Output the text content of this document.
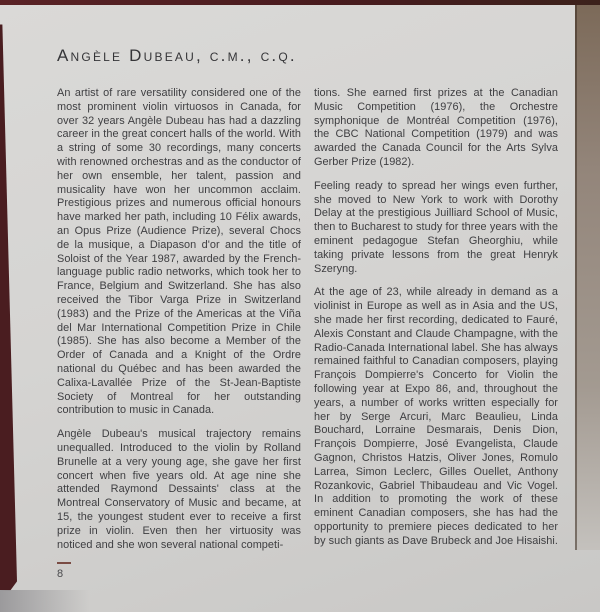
Angèle Dubeau, c.m., c.q.

An artist of rare versatility considered one of the most prominent violin virtuosos in Canada, for over 32 years Angèle Dubeau has had a dazzling career in the great concert halls of the world. With a string of some 30 recordings, many concerts with renowned orchestras and as the conductor of her own ensemble, her talent, passion and musicality have won her uncommon acclaim. Prestigious prizes and numerous official honours have marked her path, including 10 Félix awards, an Opus Prize (Audience Prize), several Chocs de la musique, a Diapason d'or and the title of Soloist of the Year 1987, awarded by the French-language public radio networks, which took her to France, Belgium and Switzerland. She has also received the Tibor Varga Prize in Switzerland (1983) and the Prize of the Americas at the Viña del Mar International Competition Prize in Chile (1985). She has also become a Member of the Order of Canada and a Knight of the Ordre national du Québec and has been awarded the Calixa-Lavallée Prize of the St-Jean-Baptiste Society of Montreal for her outstanding contribution to music in Canada.

Angèle Dubeau's musical trajectory remains unequalled. Introduced to the violin by Rolland Brunelle at a very young age, she gave her first concert when five years old. At age nine she attended Raymond Dessaints' class at the Montreal Conservatory of Music and became, at 15, the youngest student ever to receive a first prize in violin. Even then her virtuosity was noticed and she won several national competi-

8

tions. She earned first prizes at the Canadian Music Competition (1976), the Orchestre symphonique de Montréal Competition (1976), the CBC National Competition (1979) and was awarded the Canada Council for the Arts Sylva Gerber Prize (1982).

Feeling ready to spread her wings even further, she moved to New York to work with Dorothy Delay at the prestigious Juilliard School of Music, then to Bucharest to study for three years with the eminent pedagogue Stefan Gheorghiu, while taking private lessons from the great Henryk Szeryng.

At the age of 23, while already in demand as a violinist in Europe as well as in Asia and the US, she made her first recording, dedicated to Fauré, Alexis Constant and Claude Champagne, with the Radio-Canada International label. She has always remained faithful to Canadian composers, playing François Dompierre's Concerto for Violin the following year at Expo 86, and, throughout the years, a number of works written especially for her by Serge Arcuri, Marc Beaulieu, Linda Bouchard, Lorraine Desmarais, Denis Dion, François Dompierre, José Evangelista, Claude Gagnon, Christos Hatzis, Oliver Jones, Romulo Larrea, Simon Leclerc, Gilles Ouellet, Anthony Rozankovic, Gabriel Thibaudeau and Vic Vogel. In addition to promoting the work of these eminent Canadian composers, she has had the opportunity to premiere pieces dedicated to her by such giants as Dave Brubeck and Joe Hisaishi.
